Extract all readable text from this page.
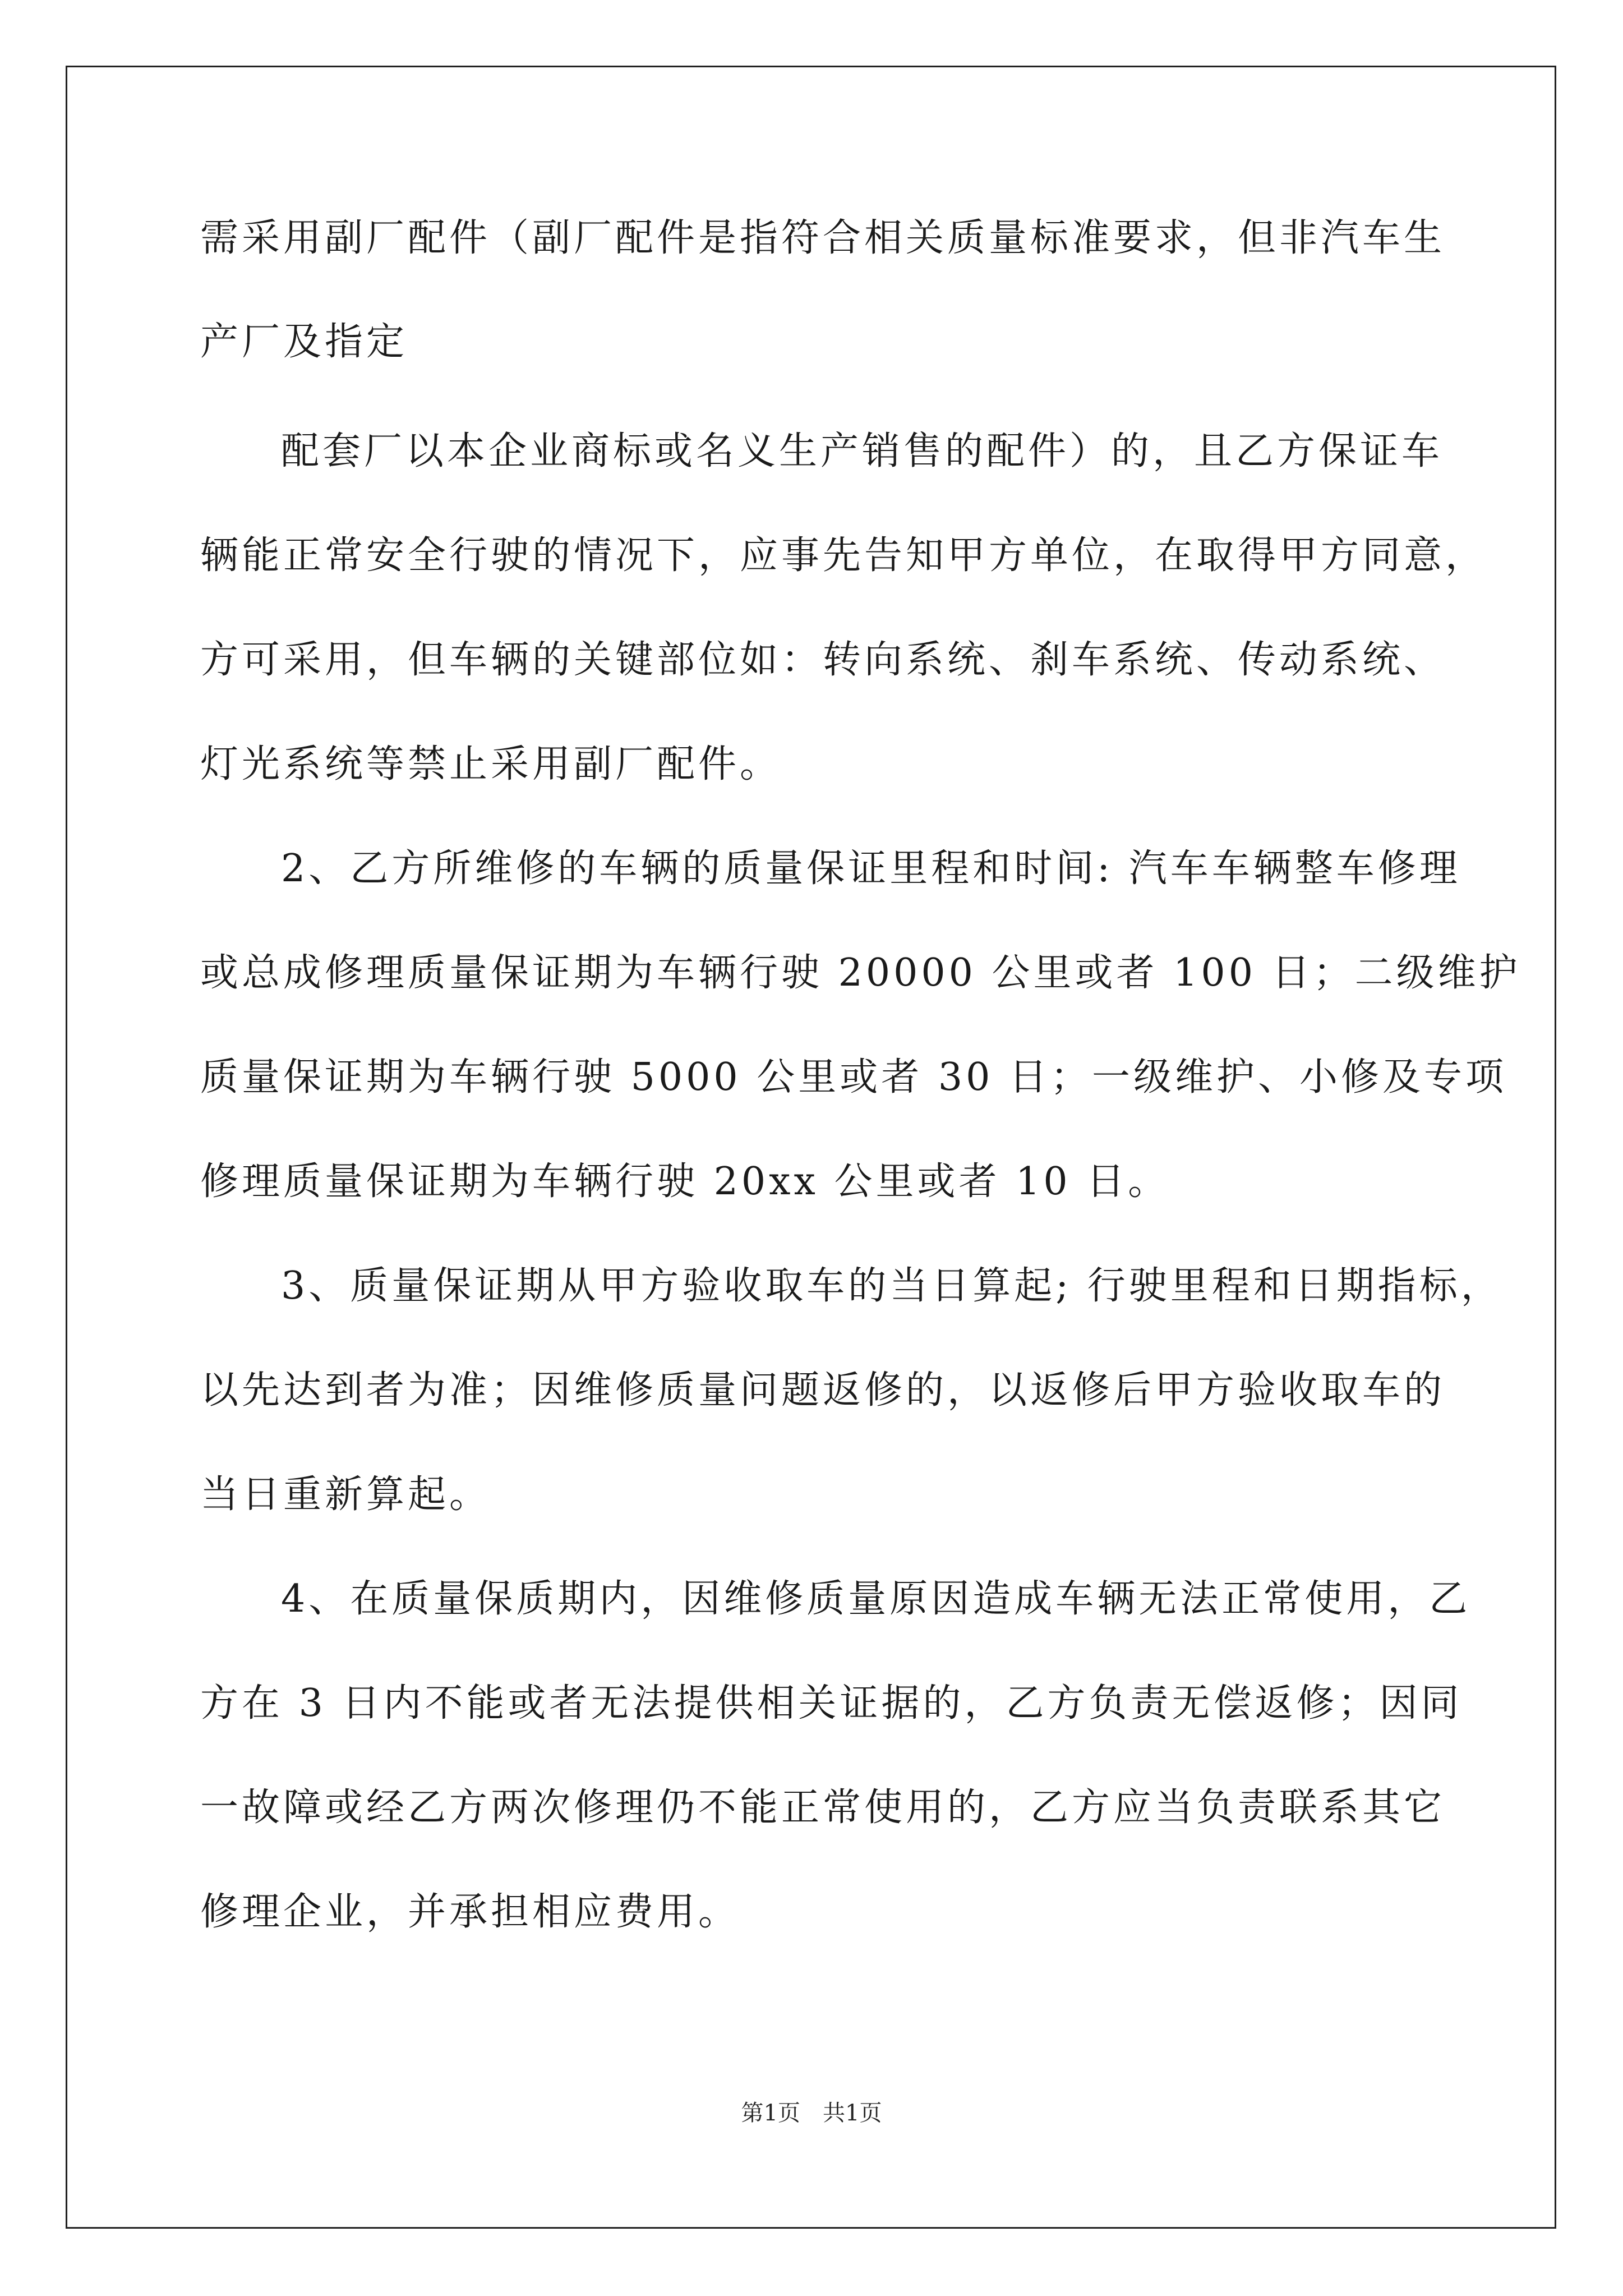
需采用副厂配件（副厂配件是指符合相关质量标准要求，但非汽车生
产厂及指定
配套厂以本企业商标或名义生产销售的配件）的，且乙方保证车
辆能正常安全行驶的情况下，应事先告知甲方单位，在取得甲方同意，
方可采用，但车辆的关键部位如：转向系统、刹车系统、传动系统、
灯光系统等禁止采用副厂配件。
2、乙方所维修的车辆的质量保证里程和时间: 汽车车辆整车修理
或总成修理质量保证期为车辆行驶 20000 公里或者 100 日；二级维护
质量保证期为车辆行驶 5000 公里或者 30 日；一级维护、小修及专项
修理质量保证期为车辆行驶 20xx 公里或者 10 日。
3、质量保证期从甲方验收取车的当日算起; 行驶里程和日期指标，
以先达到者为准；因维修质量问题返修的，以返修后甲方验收取车的
当日重新算起。
4、在质量保质期内，因维修质量原因造成车辆无法正常使用，乙
方在 3 日内不能或者无法提供相关证据的，乙方负责无偿返修；因同
一故障或经乙方两次修理仍不能正常使用的，乙方应当负责联系其它
修理企业，并承担相应费用。
第1页　共1页
